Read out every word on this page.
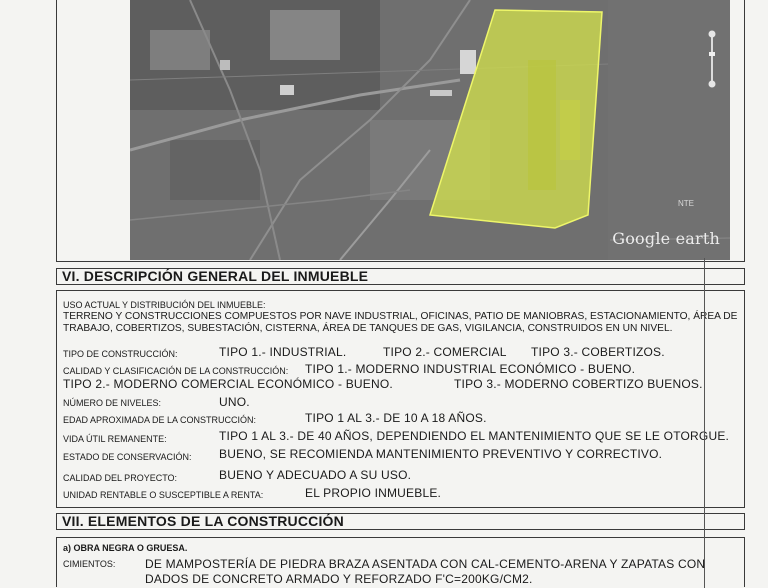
NTE
Google earth
VI. DESCRIPCIÓN GENERAL DEL INMUEBLE
USO ACTUAL Y DISTRIBUCIÓN DEL INMUEBLE:
TERRENO Y CONSTRUCCIONES COMPUESTOS POR NAVE INDUSTRIAL, OFICINAS, PATIO DE MANIOBRAS, ESTACIONAMIENTO, ÁREA DE
TRABAJO, COBERTIZOS, SUBESTACIÓN, CISTERNA, ÁREA DE TANQUES DE GAS, VIGILANCIA, CONSTRUIDOS EN UN NIVEL.
TIPO DE CONSTRUCCIÓN:	TIPO 1.- INDUSTRIAL.	TIPO 2.- COMERCIAL TIPO 3.- COBERTIZOS.
CALIDAD Y CLASIFICACIÓN DE LA CONSTRUCCIÓN: TIPO 1.- MODERNO INDUSTRIAL ECONÓMICO - BUENO.
TIPO 2.- MODERNO COMERCIAL ECONÓMICO - BUENO.	TIPO 3.- MODERNO COBERTIZO BUENOS.
NÚMERO DE NIVELES:	UNO.
EDAD APROXIMADA DE LA CONSTRUCCIÓN:	TIPO 1 AL 3.- DE 10 A 18 AÑOS.
VIDA ÚTIL REMANENTE:	TIPO 1 AL 3.- DE 40 AÑOS, DEPENDIENDO EL MANTENIMIENTO QUE SE LE OTORGUE.
ESTADO DE CONSERVACIÓN: BUENO, SE RECOMIENDA MANTENIMIENTO PREVENTIVO Y CORRECTIVO.
CALIDAD DEL PROYECTO:	BUENO Y ADECUADO A SU USO.
UNIDAD RENTABLE O SUSCEPTIBLE A RENTA:	EL PROPIO INMUEBLE.
VII. ELEMENTOS DE LA CONSTRUCCIÓN
a) OBRA NEGRA O GRUESA.
CIMIENTOS: DE MAMPOSTERÍA DE PIEDRA BRAZA ASENTADA CON CAL-CEMENTO-ARENA Y ZAPATAS CON
DADOS DE CONCRETO ARMADO Y REFORZADO F'C=200KG/CM2.
